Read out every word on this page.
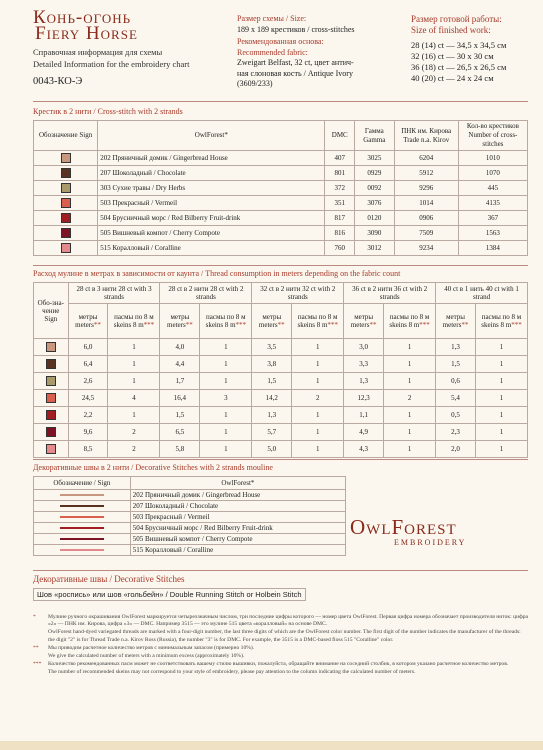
Конь-огонь
Fiery Horse
Справочная информация для схемы
Detailed Information for the embroidery chart
0043-КО-Э
Размер схемы / Size:
189 x 189 крестиков / cross-stitches
Рекомендованная основа:
Recommended fabric:
Zweigart Belfast, 32 ct, цвет антич-
ная слоновая кость / Antique Ivory
(3609/233)
Размер готовой работы:
Size of finished work:
28 (14) ct — 34,5 x 34,5 см
32 (16) ct — 30 x 30 см
36 (18) ct — 26,5 x 26,5 см
40 (20) ct — 24 x 24 см
Крестик в 2 нити / Cross-stitch with 2 strands
Обозначение Sign	OwlForest*	DMC	Гамма Gamma	ПНК им. Кирова Trade n.a. Kirov	Кол-во крестиков Number of cross-stitches
	202 Пряничный домик / Gingerbread House	407	3025	6204	1010
	207 Шоколадный / Chocolate	801	0929	5912	1070
	303 Сухие травы / Dry Herbs	372	0092	9296	445
	503 Прекрасный / Vermeil	351	3076	1014	4135
	504 Брусничный морс / Red Bilberry Fruit-drink	817	0120	0906	367
	505 Вишневый компот / Cherry Compote	816	3090	7509	1563
	515 Коралловый / Coralline	760	3012	9234	1384
Расход мулине в метрах в зависимости от каунта / Thread consumption in meters depending on the fabric count
Обо-зна-чение Sign	28 ct в 3 нити 28 ct with 3 strands		28 ct в 2 нити 28 ct with 2 strands		32 ct в 2 нити 32 ct with 2 strands		36 ct в 2 нити 36 ct with 2 strands		40 ct в 1 нить 40 ct with 1 strand	
	метры meters**	пасмы по 8 м skeins 8 m***	метры meters**	пасмы по 8 м skeins 8 m***	метры meters**	пасмы по 8 м skeins 8 m***	метры meters**	пасмы по 8 м skeins 8 m***	метры meters**	пасмы по 8 м skeins 8 m***
	6,0	1	4,0	1	3,5	1	3,0	1	1,3	1
	6,4	1	4,4	1	3,8	1	3,3	1	1,5	1
	2,6	1	1,7	1	1,5	1	1,3	1	0,6	1
	24,5	4	16,4	3	14,2	2	12,3	2	5,4	1
	2,2	1	1,5	1	1,3	1	1,1	1	0,5	1
	9,6	2	6,5	1	5,7	1	4,9	1	2,3	1
	8,5	2	5,8	1	5,0	1	4,3	1	2,0	1
Декоративные швы в 2 нити / Decorative Stitches with 2 strands mouline
Обозначение / Sign	OwlForest*
	202 Пряничный домик / Gingerbread House
	207 Шоколадный / Chocolate
	503 Прекрасный / Vermeil
	504 Брусничный морс / Red Bilberry Fruit-drink
	505 Вишневый компот / Cherry Compote
	515 Коралловый / Coralline
OwlForest
EMBROIDERY
Декоративные швы / Decorative Stitches
Шов «роспись» или шов «гольбейн» / Double Running Stitch or Holbein Stitch
* Мулине ручного окрашивания OwlForest маркируется четырехзначным числом, три последние цифры которого — номер цвета OwlForest. Первая цифра номера обозначает производителя ниток: цифра «2» — ПНК им. Кирова, цифра «3» — DMC. Например 3515 — это мулине 515 цвета «коралловый» на основе DMC.
OwlForest hand-dyed variegated threads are marked with a four-digit number, the last three digits of which are the OwlForest color number. The first digit of the number indicates the manufacturer of the threads: the digit "2" is for Thread Trade n.a. Kirov Ross (Russia), the number "3" is for DMC. For example, the 3515 is a DMC-based floss 515 "Coralline" color.
** Мы приводим расчетное количество метров с минимальным запасом (примерно 10%).
We give the calculated number of meters with a minimum excess (approximately 10%).
*** Количество рекомендованных пасм может не соответствовать вашему стилю вышивки, пожалуйста, обращайте внимание на соседний столбик, в котором указано расчетное количество метров.
The number of recommended skeins may not correspond to your style of embroidery, please pay attention to the column indicating the calculated number of meters.
